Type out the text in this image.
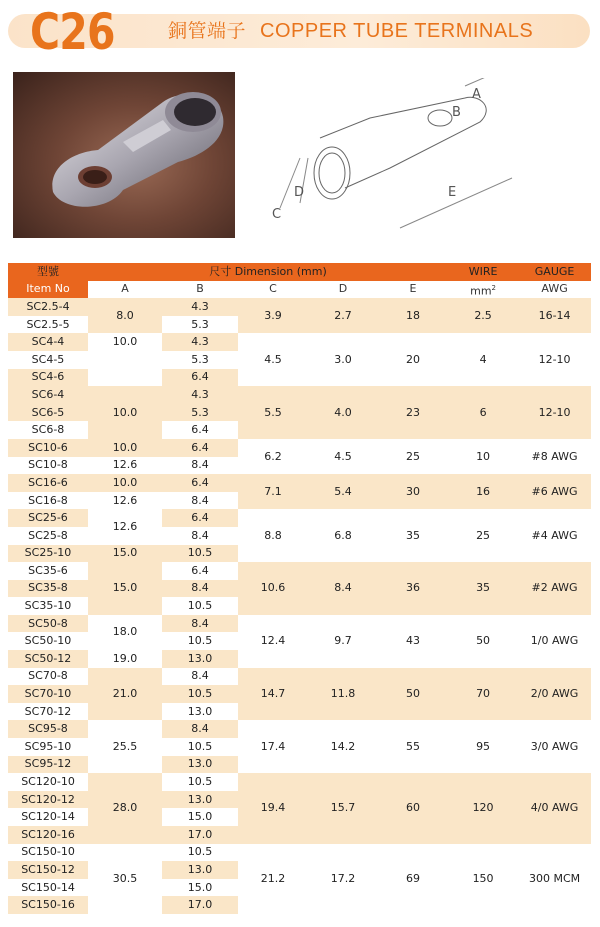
C26	銅管端子 COPPER TUBE TERMINALS
A
B
C
D	E
型號	尺寸 Dimension (mm)					WIRE	GAUGE
Item No	A	B	C	D	E	$mm^2$	AWG
SC2.5-4	8.0	4.3	3.9	2.7	18	2.5	16-14
SC2.5-5		5.3					
SC4-4	10.0	4.3	4.5	3.0	20	4	12-10
SC4-5		5.3					
SC4-6		6.4					
SC6-4	10.0	4.3	5.5	4.0	23	6	12-10
SC6-5		5.3					
SC6-8		6.4					
SC10-6	10.0	6.4	6.2	4.5	25	10	#8 AWG
SC10-8	12.6	8.4					
SC16-6	10.0	6.4	7.1	5.4	30	16	#6 AWG
SC16-8	12.6	8.4					
SC25-6	12.6	6.4	8.8	6.8	35	25	#4 AWG
SC25-8		8.4					
SC25-10	15.0	10.5					
SC35-6	15.0	6.4	10.6	8.4	36	35	#2 AWG
SC35-8		8.4					
SC35-10		10.5					
SC50-8	18.0	8.4	12.4	9.7	43	50	1/0 AWG
SC50-10		10.5					
SC50-12	19.0	13.0					
SC70-8	21.0	8.4	14.7	11.8	50	70	2/0 AWG
SC70-10		10.5					
SC70-12		13.0					
SC95-8	25.5	8.4	17.4	14.2	55	95	3/0 AWG
SC95-10		10.5					
SC95-12		13.0					
SC120-10	28.0	10.5	19.4	15.7	60	120	4/0 AWG
SC120-12		13.0					
SC120-14		15.0					
SC120-16		17.0					
SC150-10	30.5	10.5	21.2	17.2	69	150	300 MCM
SC150-12		13.0					
SC150-14		15.0					
SC150-16		17.0					
